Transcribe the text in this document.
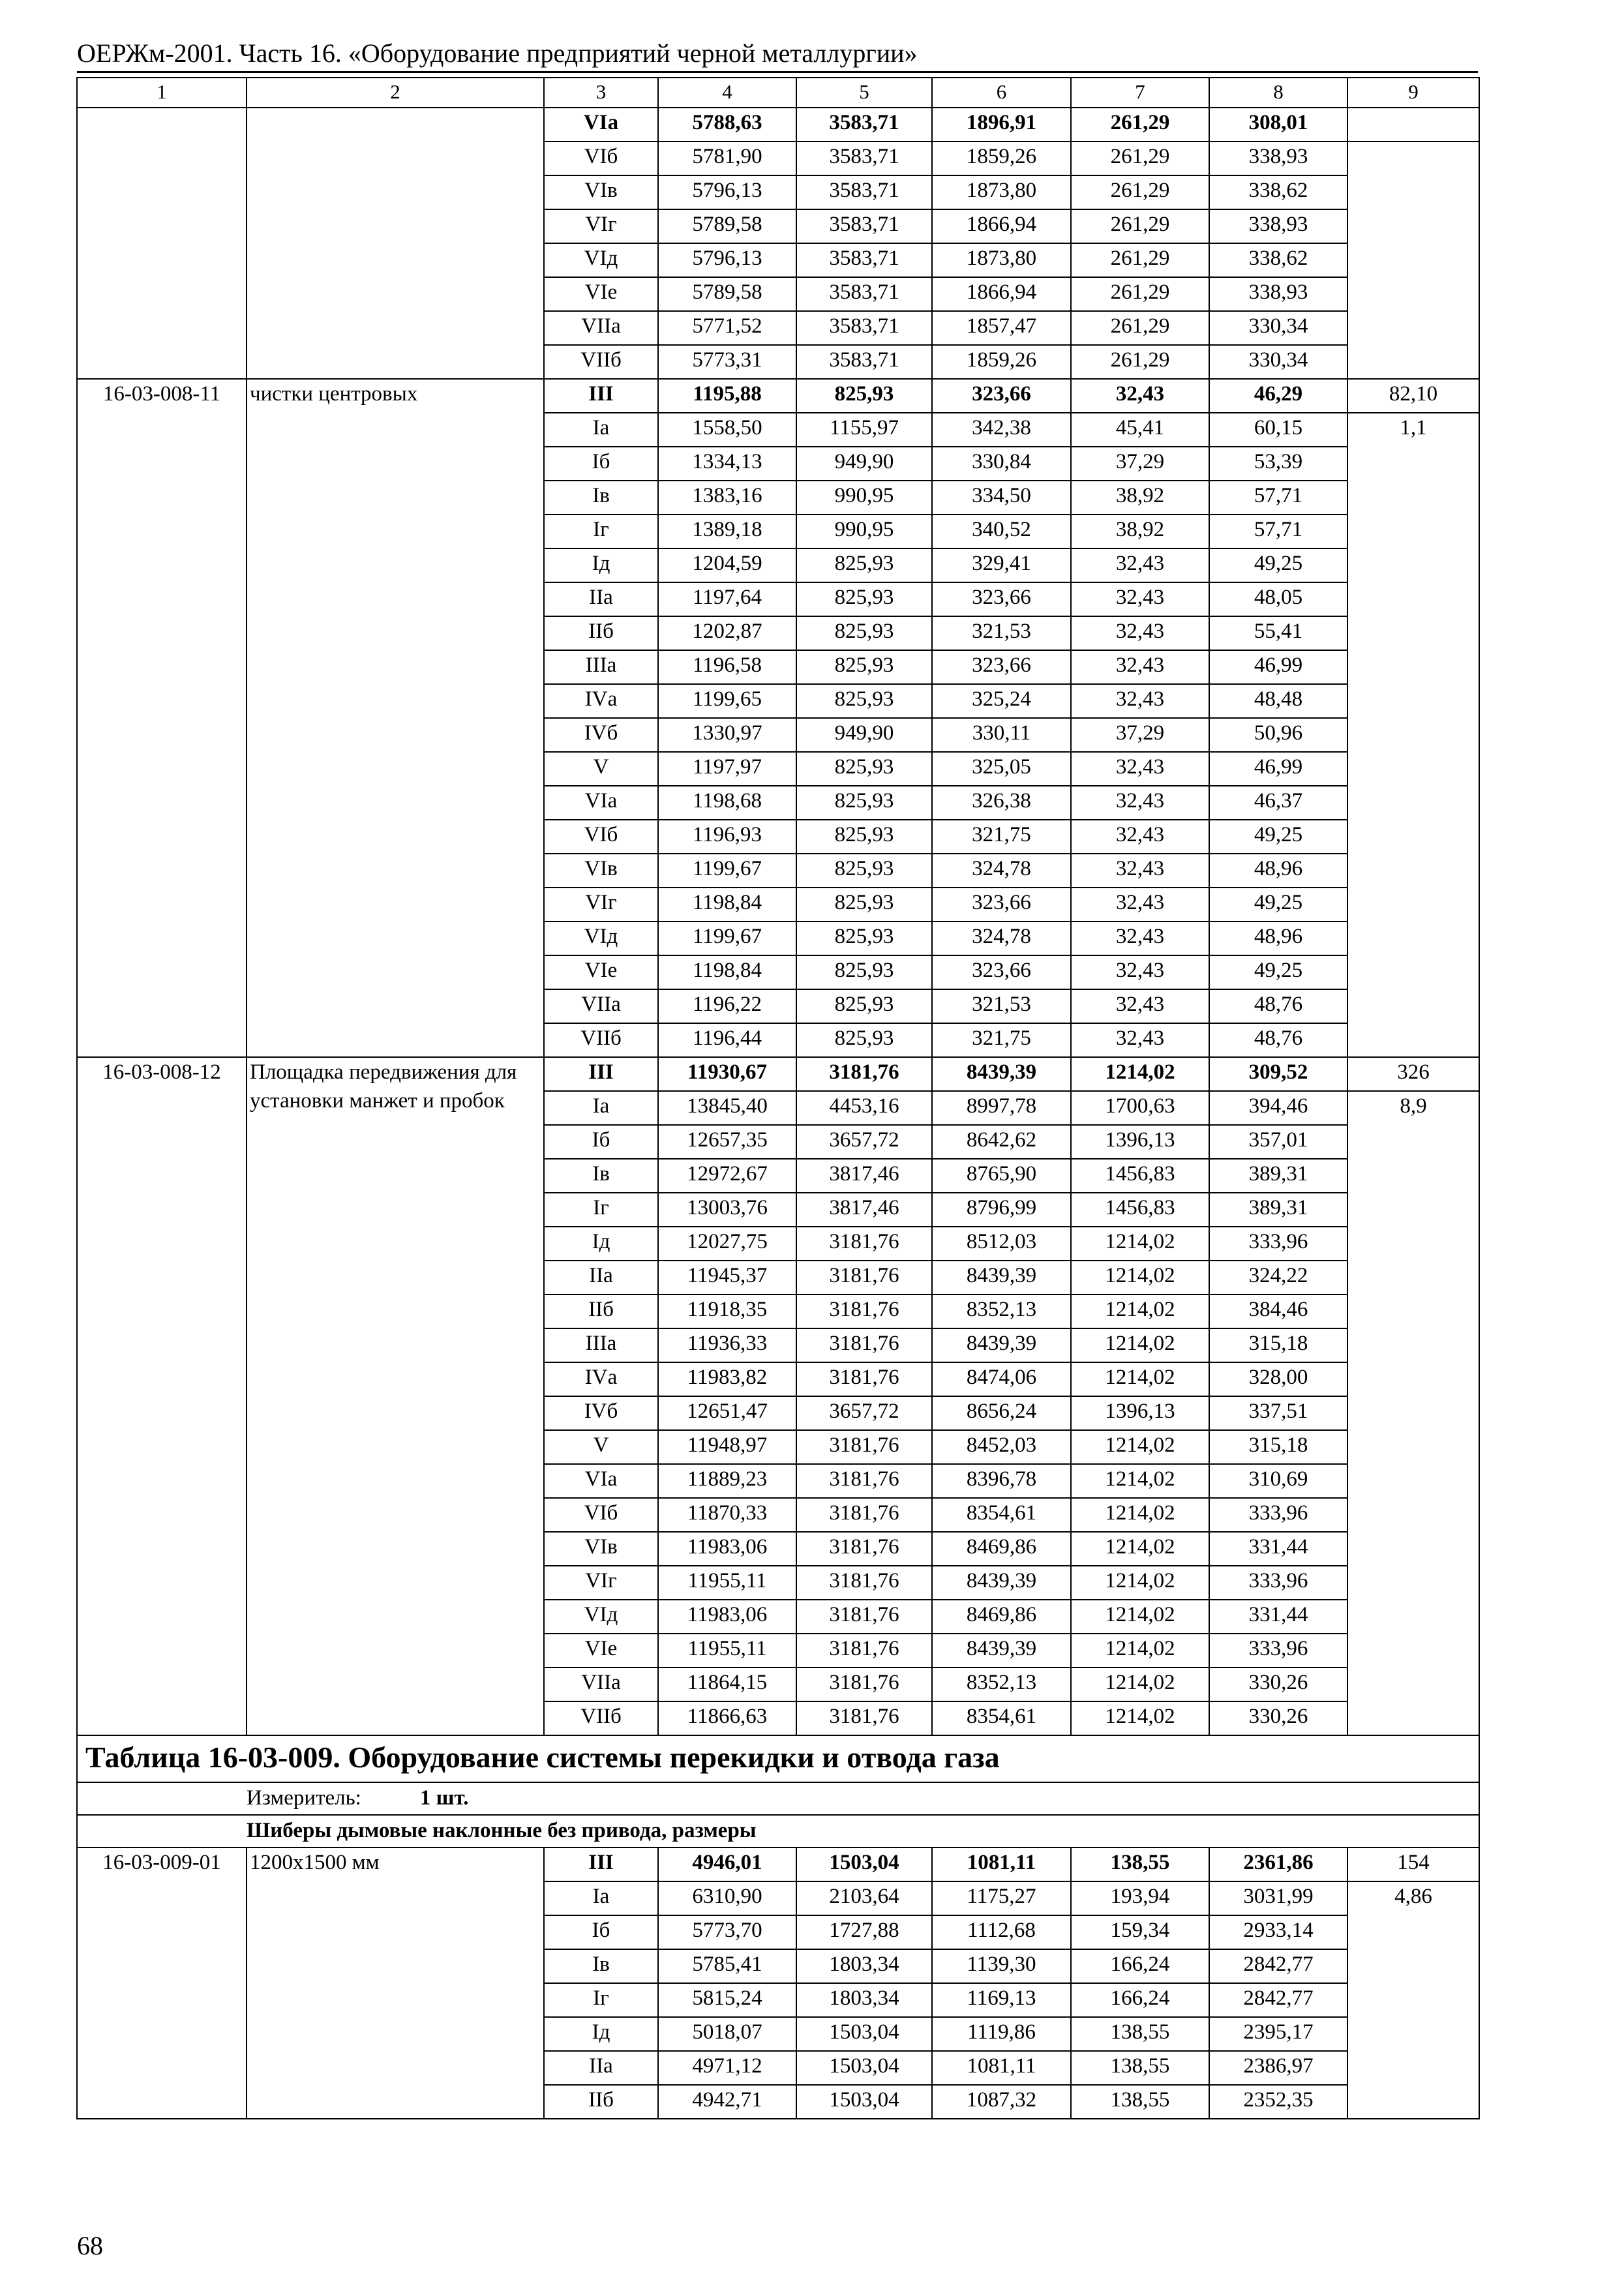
ОЕРЖм-2001. Часть 16. «Оборудование предприятий черной металлургии»
1	2	3	4	5	6	7	8	9
		VIа	5788,63	3583,71	1896,91	261,29	308,01	
		VIб	5781,90	3583,71	1859,26	261,29	338,93	
		VIв	5796,13	3583,71	1873,80	261,29	338,62	
		VIг	5789,58	3583,71	1866,94	261,29	338,93	
		VIд	5796,13	3583,71	1873,80	261,29	338,62	
		VIе	5789,58	3583,71	1866,94	261,29	338,93	
		VIIа	5771,52	3583,71	1857,47	261,29	330,34	
		VIIб	5773,31	3583,71	1859,26	261,29	330,34	
16-03-008-11	чистки центровых	III	1195,88	825,93	323,66	32,43	46,29	82,10
		Iа	1558,50	1155,97	342,38	45,41	60,15	1,1
		Iб	1334,13	949,90	330,84	37,29	53,39	
		Iв	1383,16	990,95	334,50	38,92	57,71	
		Iг	1389,18	990,95	340,52	38,92	57,71	
		Iд	1204,59	825,93	329,41	32,43	49,25	
		IIа	1197,64	825,93	323,66	32,43	48,05	
		IIб	1202,87	825,93	321,53	32,43	55,41	
		IIIа	1196,58	825,93	323,66	32,43	46,99	
		IVа	1199,65	825,93	325,24	32,43	48,48	
		IVб	1330,97	949,90	330,11	37,29	50,96	
		V	1197,97	825,93	325,05	32,43	46,99	
		VIа	1198,68	825,93	326,38	32,43	46,37	
		VIб	1196,93	825,93	321,75	32,43	49,25	
		VIв	1199,67	825,93	324,78	32,43	48,96	
		VIг	1198,84	825,93	323,66	32,43	49,25	
		VIд	1199,67	825,93	324,78	32,43	48,96	
		VIе	1198,84	825,93	323,66	32,43	49,25	
		VIIа	1196,22	825,93	321,53	32,43	48,76	
		VIIб	1196,44	825,93	321,75	32,43	48,76	
16-03-008-12	Площадка передвижения для установки манжет и пробок	III	11930,67	3181,76	8439,39	1214,02	309,52	326
		Iа	13845,40	4453,16	8997,78	1700,63	394,46	8,9
		Iб	12657,35	3657,72	8642,62	1396,13	357,01	
		Iв	12972,67	3817,46	8765,90	1456,83	389,31	
		Iг	13003,76	3817,46	8796,99	1456,83	389,31	
		Iд	12027,75	3181,76	8512,03	1214,02	333,96	
		IIа	11945,37	3181,76	8439,39	1214,02	324,22	
		IIб	11918,35	3181,76	8352,13	1214,02	384,46	
		IIIа	11936,33	3181,76	8439,39	1214,02	315,18	
		IVа	11983,82	3181,76	8474,06	1214,02	328,00	
		IVб	12651,47	3657,72	8656,24	1396,13	337,51	
		V	11948,97	3181,76	8452,03	1214,02	315,18	
		VIа	11889,23	3181,76	8396,78	1214,02	310,69	
		VIб	11870,33	3181,76	8354,61	1214,02	333,96	
		VIв	11983,06	3181,76	8469,86	1214,02	331,44	
		VIг	11955,11	3181,76	8439,39	1214,02	333,96	
		VIд	11983,06	3181,76	8469,86	1214,02	331,44	
		VIе	11955,11	3181,76	8439,39	1214,02	333,96	
		VIIа	11864,15	3181,76	8352,13	1214,02	330,26	
		VIIб	11866,63	3181,76	8354,61	1214,02	330,26	
Таблица 16-03-009. Оборудование системы перекидки и отвода газа								
	Измеритель: 1 шт.							
	Шиберы дымовые наклонные без привода, размеры							
16-03-009-01	1200х1500 мм	III	4946,01	1503,04	1081,11	138,55	2361,86	154
		Iа	6310,90	2103,64	1175,27	193,94	3031,99	4,86
		Iб	5773,70	1727,88	1112,68	159,34	2933,14	
		Iв	5785,41	1803,34	1139,30	166,24	2842,77	
		Iг	5815,24	1803,34	1169,13	166,24	2842,77	
		Iд	5018,07	1503,04	1119,86	138,55	2395,17	
		IIа	4971,12	1503,04	1081,11	138,55	2386,97	
		IIб	4942,71	1503,04	1087,32	138,55	2352,35	
68
